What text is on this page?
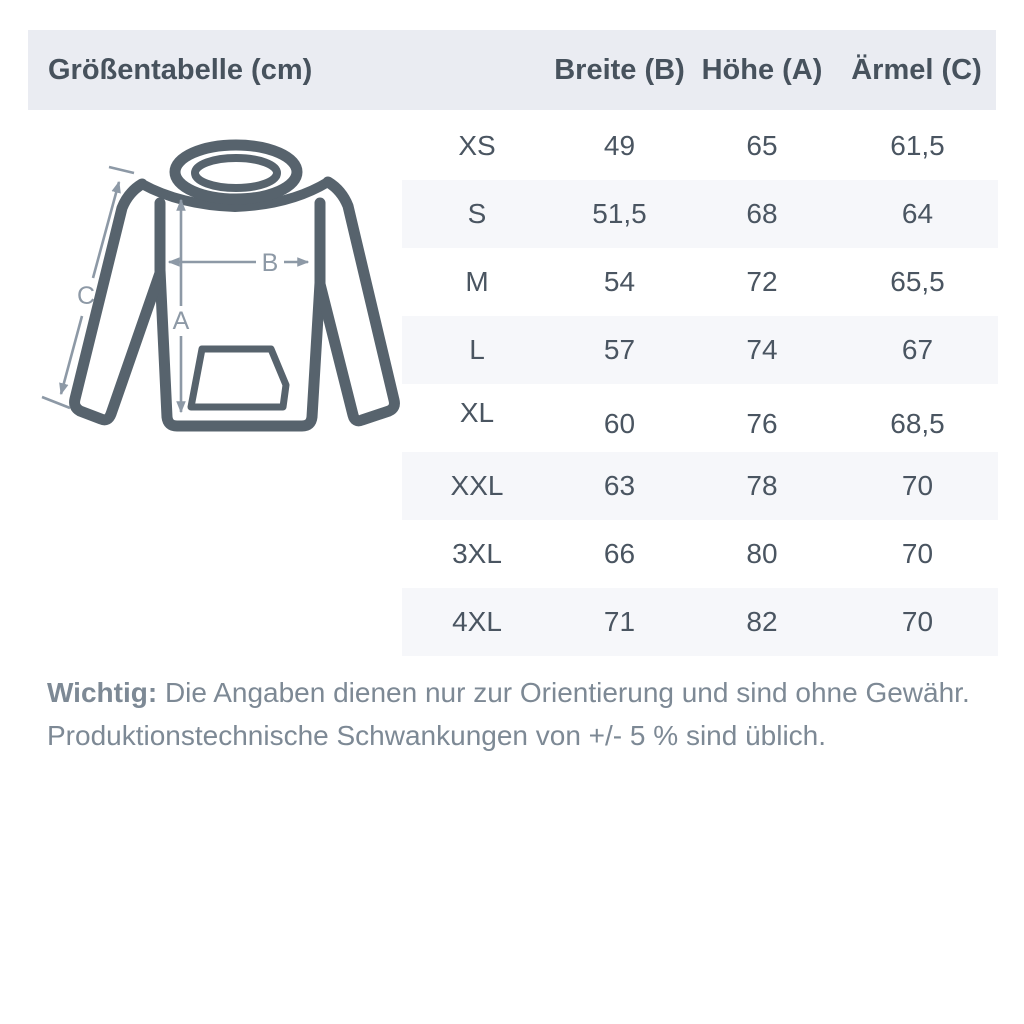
Größentabelle (cm)	Breite (B) Höhe (A) Ärmel (C)
A
B
C
XS	49	65	61,5
S	51,5	68	64
M	54	72	65,5
L	57	74	67
XL	60	76	68,5
XXL	63	78	70
3XL	66	80	70
4XL	71	82	70
Wichtig: Die Angaben dienen nur zur Orientierung und sind ohne Gewähr.
Produktionstechnische Schwankungen von +/- 5 % sind üblich.
